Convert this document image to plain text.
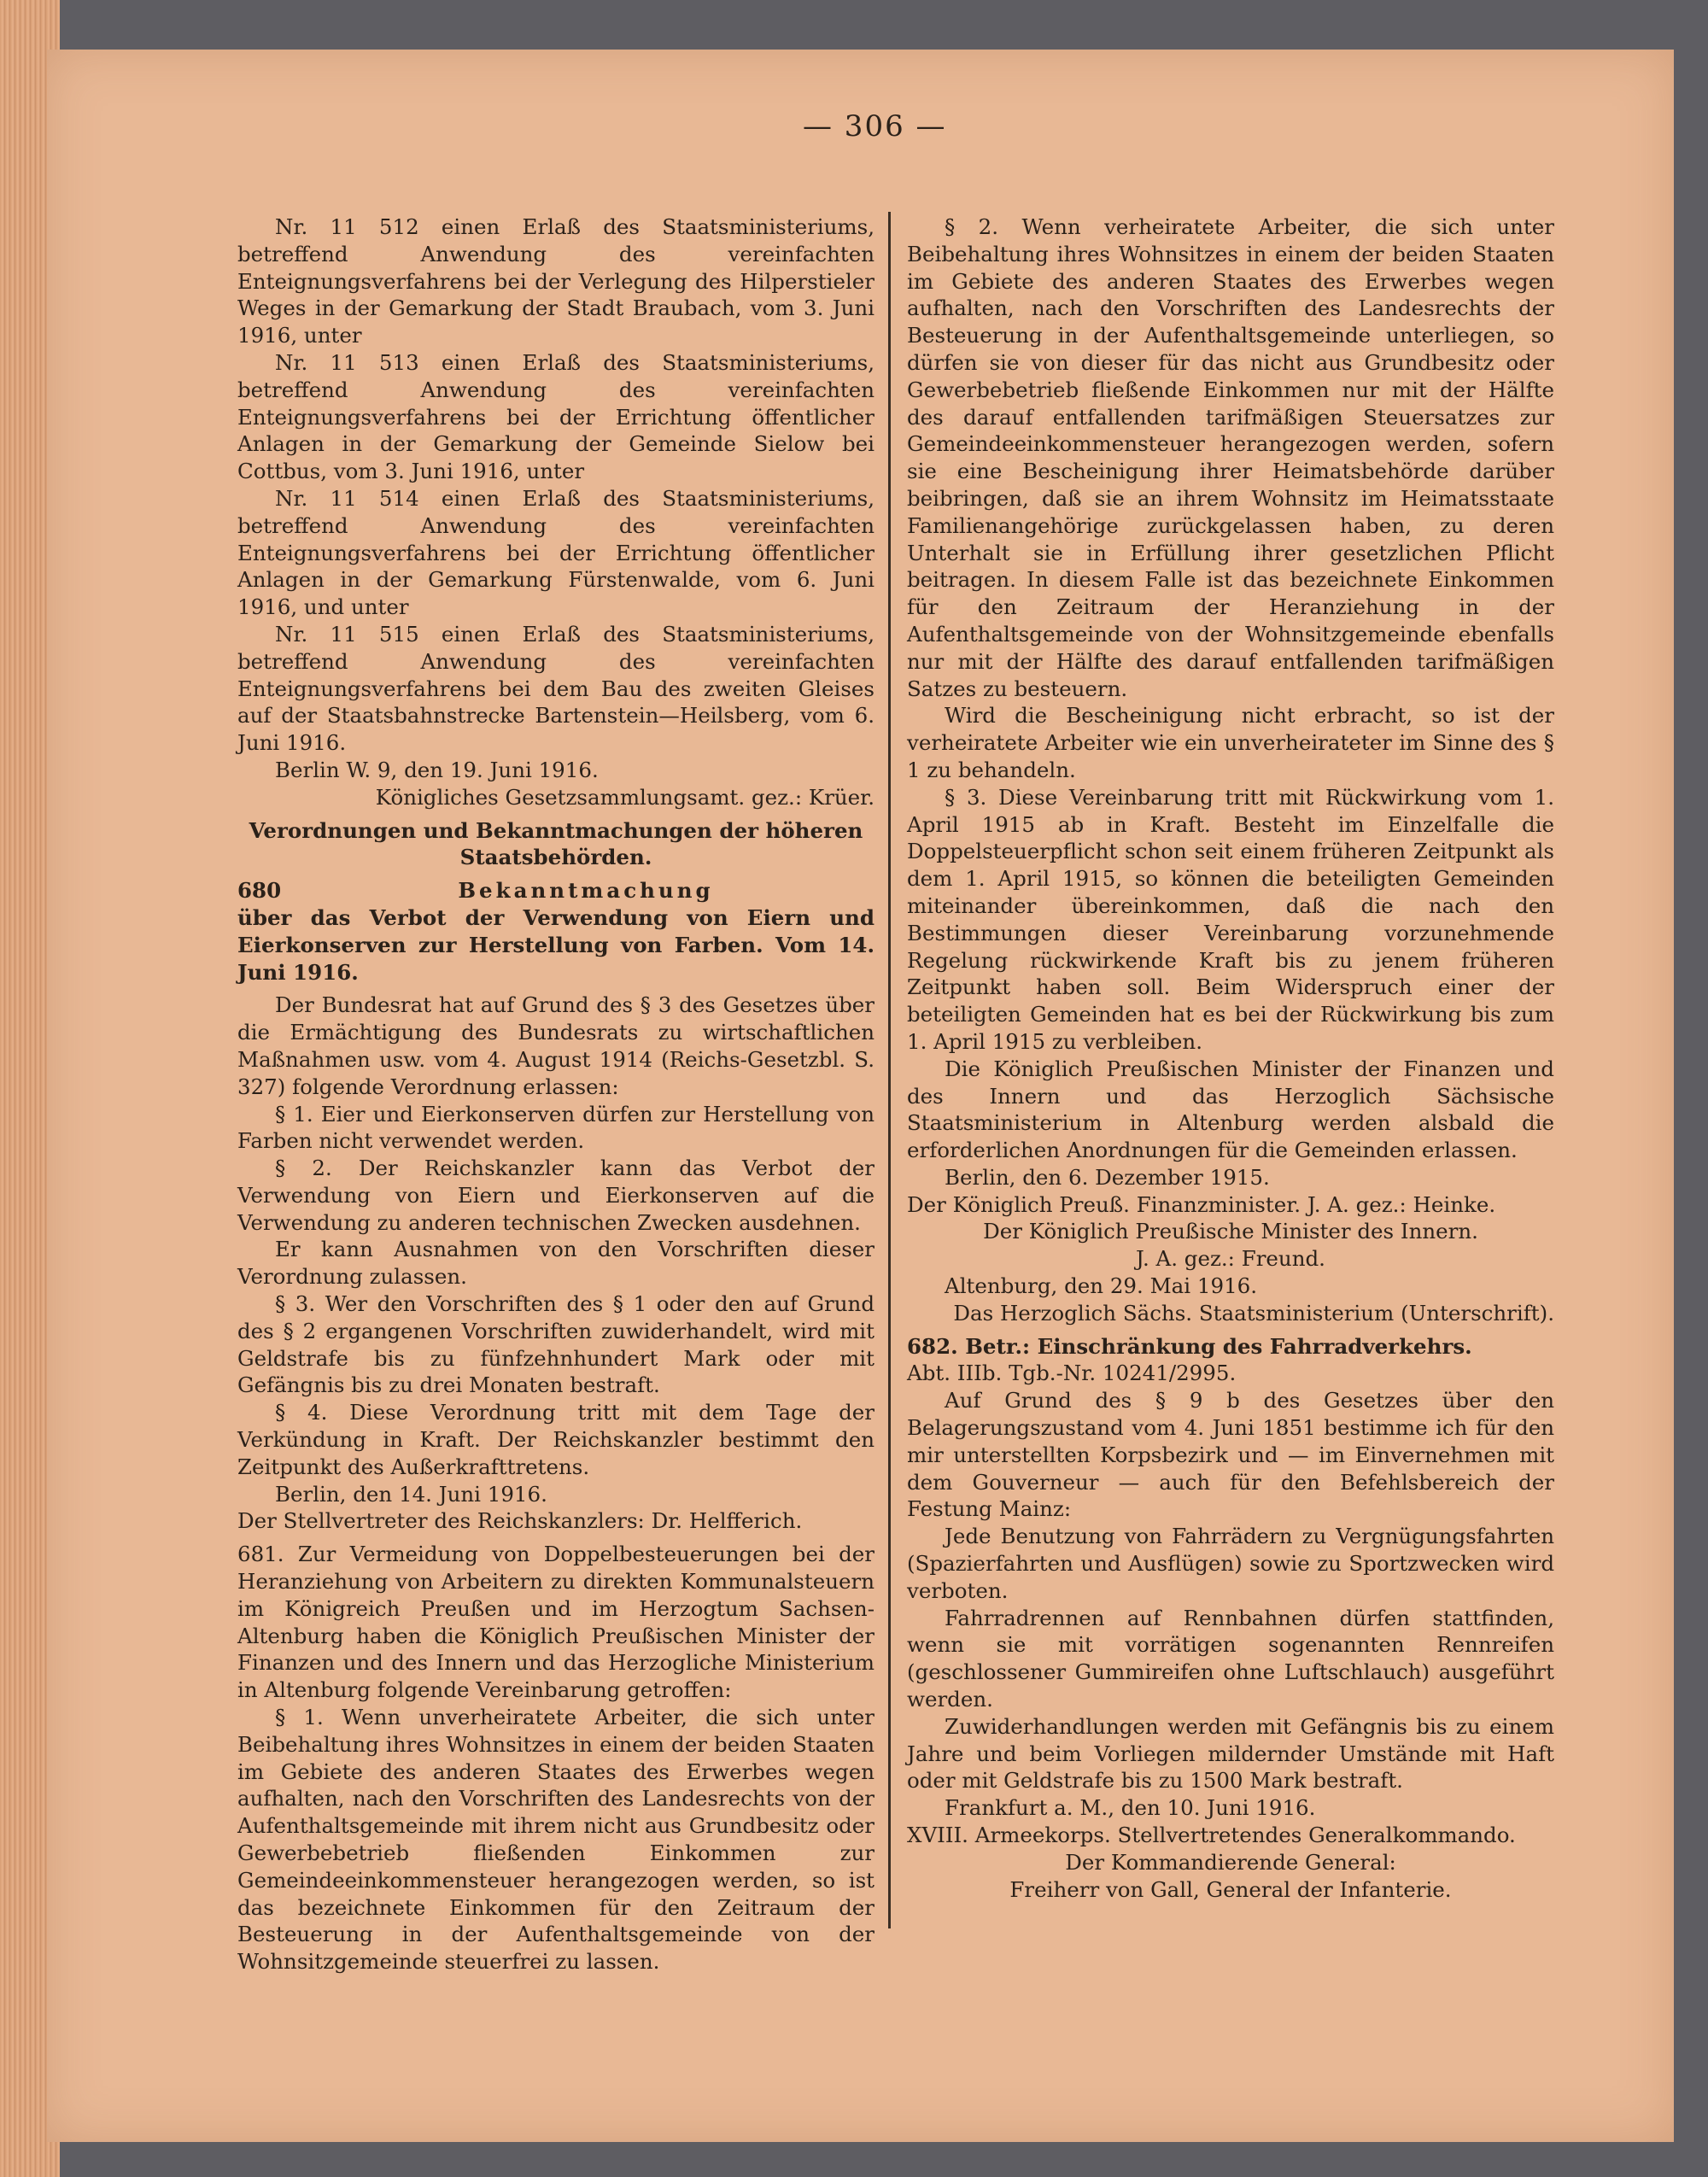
— 306 —

Nr. 11 512 einen Erlaß des Staatsministeriums, betreffend Anwendung des vereinfachten Enteignungsverfahrens bei der Verlegung des Hilperstieler Weges in der Gemarkung der Stadt Braubach, vom 3. Juni 1916, unter

Nr. 11 513 einen Erlaß des Staatsministeriums, betreffend Anwendung des vereinfachten Enteignungsverfahrens bei der Errichtung öffentlicher Anlagen in der Gemarkung der Gemeinde Sielow bei Cottbus, vom 3. Juni 1916, unter

Nr. 11 514 einen Erlaß des Staatsministeriums, betreffend Anwendung des vereinfachten Enteignungsverfahrens bei der Errichtung öffentlicher Anlagen in der Gemarkung Fürstenwalde, vom 6. Juni 1916, und unter

Nr. 11 515 einen Erlaß des Staatsministeriums, betreffend Anwendung des vereinfachten Enteignungsverfahrens bei dem Bau des zweiten Gleises auf der Staatsbahnstrecke Bartenstein—Heilsberg, vom 6. Juni 1916.

Berlin W. 9, den 19. Juni 1916.

Königliches Gesetzsammlungsamt. gez.: Krüer.

Verordnungen und Bekanntmachungen der höheren Staatsbehörden.

680	Bekanntmachung

über das Verbot der Verwendung von Eiern und Eierkonserven zur Herstellung von Farben. Vom 14. Juni 1916.

Der Bundesrat hat auf Grund des § 3 des Gesetzes über die Ermächtigung des Bundesrats zu wirtschaftlichen Maßnahmen usw. vom 4. August 1914 (Reichs-Gesetzbl. S. 327) folgende Verordnung erlassen:

§ 1. Eier und Eierkonserven dürfen zur Herstellung von Farben nicht verwendet werden.

§ 2. Der Reichskanzler kann das Verbot der Verwendung von Eiern und Eierkonserven auf die Verwendung zu anderen technischen Zwecken ausdehnen.

Er kann Ausnahmen von den Vorschriften dieser Verordnung zulassen.

§ 3. Wer den Vorschriften des § 1 oder den auf Grund des § 2 ergangenen Vorschriften zuwiderhandelt, wird mit Geldstrafe bis zu fünfzehnhundert Mark oder mit Gefängnis bis zu drei Monaten bestraft.

§ 4. Diese Verordnung tritt mit dem Tage der Verkündung in Kraft. Der Reichskanzler bestimmt den Zeitpunkt des Außerkrafttretens.

Berlin, den 14. Juni 1916.

Der Stellvertreter des Reichskanzlers: Dr. Helfferich.

681. Zur Vermeidung von Doppelbesteuerungen bei der Heranziehung von Arbeitern zu direkten Kommunalsteuern im Königreich Preußen und im Herzogtum Sachsen-Altenburg haben die Königlich Preußischen Minister der Finanzen und des Innern und das Herzogliche Ministerium in Altenburg folgende Vereinbarung getroffen:

§ 1. Wenn unverheiratete Arbeiter, die sich unter Beibehaltung ihres Wohnsitzes in einem der beiden Staaten im Gebiete des anderen Staates des Erwerbes wegen aufhalten, nach den Vorschriften des Landesrechts von der Aufenthaltsgemeinde mit ihrem nicht aus Grundbesitz oder Gewerbebetrieb fließenden Einkommen zur Gemeindeeinkommensteuer herangezogen werden, so ist das bezeichnete Einkommen für den Zeitraum der Besteuerung in der Aufenthaltsgemeinde von der Wohnsitzgemeinde steuerfrei zu lassen.

§ 2. Wenn verheiratete Arbeiter, die sich unter Beibehaltung ihres Wohnsitzes in einem der beiden Staaten im Gebiete des anderen Staates des Erwerbes wegen aufhalten, nach den Vorschriften des Landesrechts der Besteuerung in der Aufenthaltsgemeinde unterliegen, so dürfen sie von dieser für das nicht aus Grundbesitz oder Gewerbebetrieb fließende Einkommen nur mit der Hälfte des darauf entfallenden tarifmäßigen Steuersatzes zur Gemeindeeinkommensteuer herangezogen werden, sofern sie eine Bescheinigung ihrer Heimatsbehörde darüber beibringen, daß sie an ihrem Wohnsitz im Heimatsstaate Familienangehörige zurückgelassen haben, zu deren Unterhalt sie in Erfüllung ihrer gesetzlichen Pflicht beitragen. In diesem Falle ist das bezeichnete Einkommen für den Zeitraum der Heranziehung in der Aufenthaltsgemeinde von der Wohnsitzgemeinde ebenfalls nur mit der Hälfte des darauf entfallenden tarifmäßigen Satzes zu besteuern.

Wird die Bescheinigung nicht erbracht, so ist der verheiratete Arbeiter wie ein unverheirateter im Sinne des § 1 zu behandeln.

§ 3. Diese Vereinbarung tritt mit Rückwirkung vom 1. April 1915 ab in Kraft. Besteht im Einzelfalle die Doppelsteuerpflicht schon seit einem früheren Zeitpunkt als dem 1. April 1915, so können die beteiligten Gemeinden miteinander übereinkommen, daß die nach den Bestimmungen dieser Vereinbarung vorzunehmende Regelung rückwirkende Kraft bis zu jenem früheren Zeitpunkt haben soll. Beim Widerspruch einer der beteiligten Gemeinden hat es bei der Rückwirkung bis zum 1. April 1915 zu verbleiben.

Die Königlich Preußischen Minister der Finanzen und des Innern und das Herzoglich Sächsische Staatsministerium in Altenburg werden alsbald die erforderlichen Anordnungen für die Gemeinden erlassen.

Berlin, den 6. Dezember 1915.

Der Königlich Preuß. Finanzminister. J. A. gez.: Heinke.

Der Königlich Preußische Minister des Innern.

J. A. gez.: Freund.

Altenburg, den 29. Mai 1916.

Das Herzoglich Sächs. Staatsministerium (Unterschrift).

682. Betr.: Einschränkung des Fahrradverkehrs.

Abt. IIIb. Tgb.-Nr. 10241/2995.

Auf Grund des § 9 b des Gesetzes über den Belagerungszustand vom 4. Juni 1851 bestimme ich für den mir unterstellten Korpsbezirk und — im Einvernehmen mit dem Gouverneur — auch für den Befehlsbereich der Festung Mainz:

Jede Benutzung von Fahrrädern zu Vergnügungsfahrten (Spazierfahrten und Ausflügen) sowie zu Sportzwecken wird verboten.

Fahrradrennen auf Rennbahnen dürfen stattfinden, wenn sie mit vorrätigen sogenannten Rennreifen (geschlossener Gummireifen ohne Luftschlauch) ausgeführt werden.

Zuwiderhandlungen werden mit Gefängnis bis zu einem Jahre und beim Vorliegen mildernder Umstände mit Haft oder mit Geldstrafe bis zu 1500 Mark bestraft.

Frankfurt a. M., den 10. Juni 1916.

XVIII. Armeekorps. Stellvertretendes Generalkommando.

Der Kommandierende General:

Freiherr von Gall, General der Infanterie.
